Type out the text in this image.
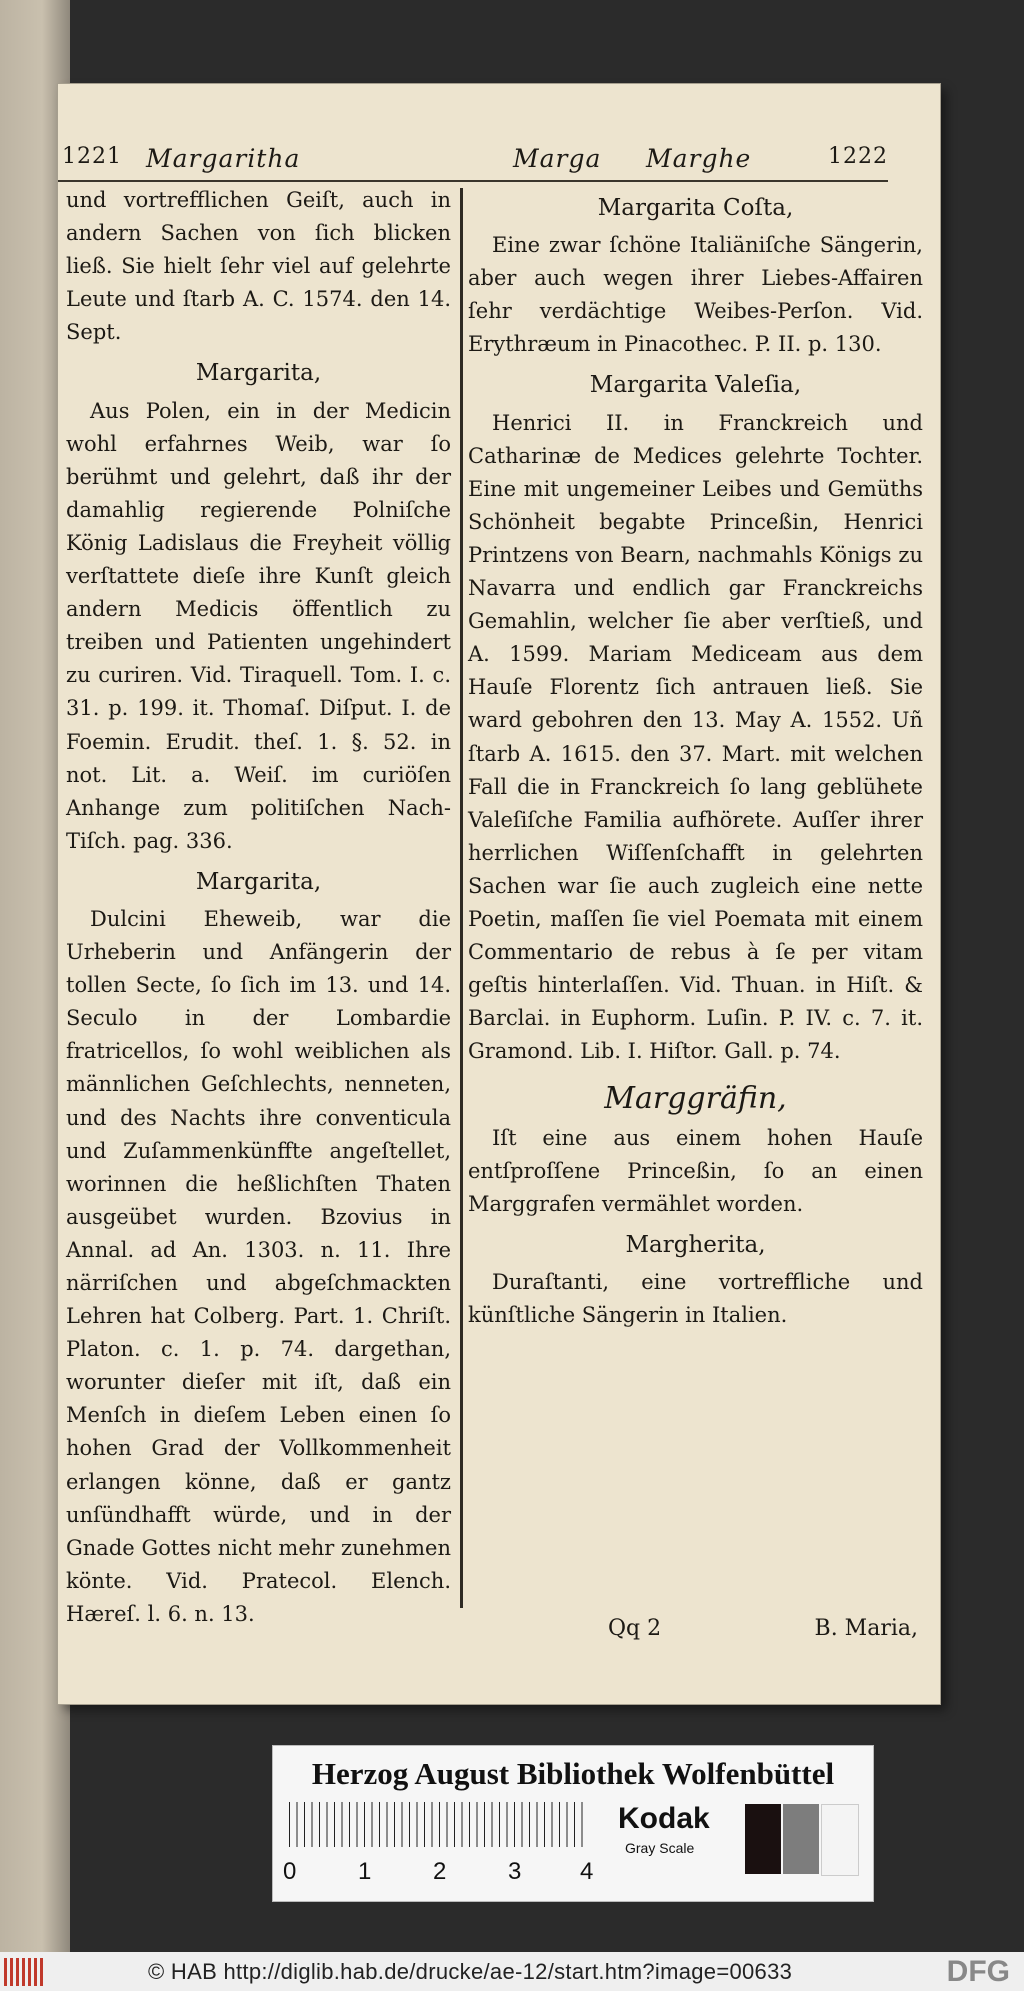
1221 Margaritha	Marga Marghe	1222

und vortrefflichen Geiſt, auch in andern Sachen von ſich blicken ließ. Sie hielt ſehr viel auf gelehrte Leute und ſtarb A. C. 1574. den 14. Sept.

Margarita,

Aus Polen, ein in der Medicin wohl erfahrnes Weib, war ſo berühmt und gelehrt, daß ihr der damahlig regierende Polniſche König Ladislaus die Freyheit völlig verſtattete dieſe ihre Kunſt gleich andern Medicis öffentlich zu treiben und Patienten ungehindert zu curiren. Vid. Tiraquell. Tom. I. c. 31. p. 199. it. Thomaſ. Diſput. I. de Foemin. Erudit. theſ. 1. §. 52. in not. Lit. a. Weiſ. im curiöſen Anhange zum politiſchen Nach-Tiſch. pag. 336.

Margarita,

Dulcini Eheweib, war die Urheberin und Anfängerin der tollen Secte, ſo ſich im 13. und 14. Seculo in der Lombardie fratricellos, ſo wohl weiblichen als männlichen Geſchlechts, nenneten, und des Nachts ihre conventicula und Zuſammenkünffte angeſtellet, worinnen die heßlichſten Thaten ausgeübet wurden. Bzovius in Annal. ad An. 1303. n. 11. Ihre närriſchen und abgeſchmackten Lehren hat Colberg. Part. 1. Chriſt. Platon. c. 1. p. 74. dargethan, worunter dieſer mit iſt, daß ein Menſch in dieſem Leben einen ſo hohen Grad der Vollkommenheit erlangen könne, daß er gantz unſündhafft würde, und in der Gnade Gottes nicht mehr zunehmen könte. Vid. Pratecol. Elench. Hæreſ. l. 6. n. 13.

Margarita Coſta,

Eine zwar ſchöne Italiäniſche Sängerin, aber auch wegen ihrer Liebes-Affairen ſehr verdächtige Weibes-Perſon. Vid. Erythræum in Pinacothec. P. II. p. 130.

Margarita Valeſia,

Henrici II. in Franckreich und Catharinæ de Medices gelehrte Tochter. Eine mit ungemeiner Leibes und Gemüths Schönheit begabte Princeßin, Henrici Printzens von Bearn, nachmahls Königs zu Navarra und endlich gar Franckreichs Gemahlin, welcher ſie aber verſtieß, und A. 1599. Mariam Mediceam aus dem Hauſe Florentz ſich antrauen ließ. Sie ward gebohren den 13. May A. 1552. Uñ ſtarb A. 1615. den 37. Mart. mit welchen Fall die in Franckreich ſo lang geblühete Valeſiſche Familia aufhörete. Auſſer ihrer herrlichen Wiſſenſchafft in gelehrten Sachen war ſie auch zugleich eine nette Poetin, maſſen ſie viel Poemata mit einem Commentario de rebus à ſe per vitam geſtis hinterlaſſen. Vid. Thuan. in Hiſt. & Barclai. in Euphorm. Luſin. P. IV. c. 7. it. Gramond. Lib. I. Hiſtor. Gall. p. 74.

Marggräfin,

Iſt eine aus einem hohen Hauſe entſproſſene Princeßin, ſo an einen Marggrafen vermählet worden.

Margherita,

Duraſtanti, eine vortreffliche und künſtliche Sängerin in Italien.

Qq 2	B. Maria,
Herzog August Bibliothek Wolfenbüttel
0	1	2	3 4
Kodak
Gray Scale
© HAB http://diglib.hab.de/drucke/ae-12/start.htm?image=00633	DFG
